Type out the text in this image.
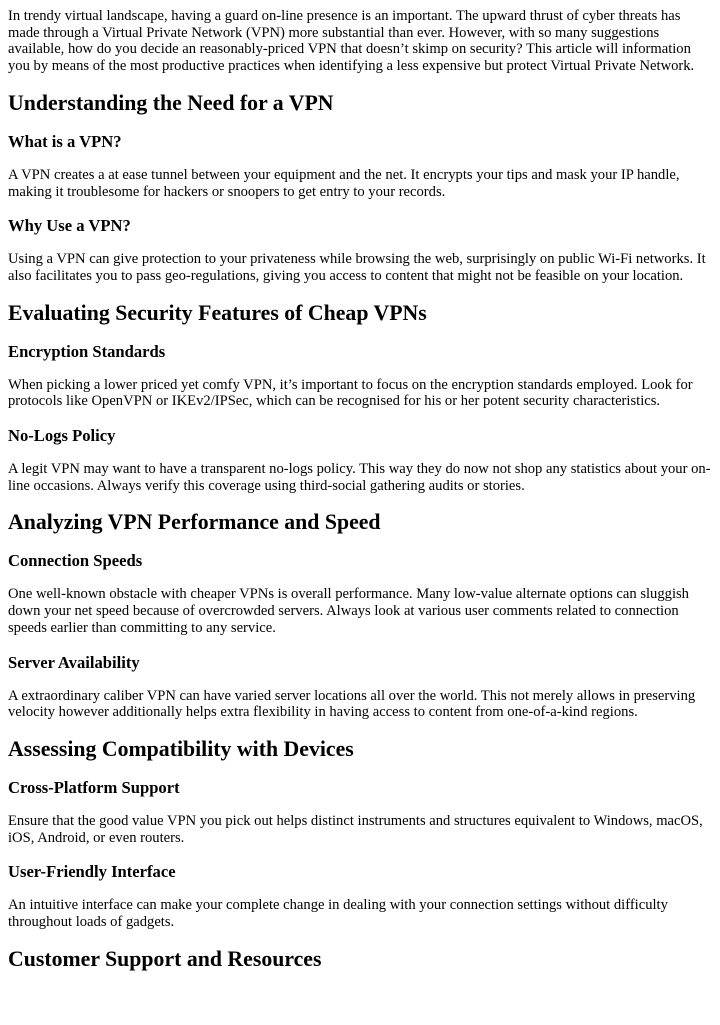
In trendy virtual landscape, having a guard on-line presence is an important. The upward thrust of cyber threats has made through a Virtual Private Network (VPN) more substantial than ever. However, with so many suggestions available, how do you decide an reasonably-priced VPN that doesn’t skimp on security? This article will information you by means of the most productive practices when identifying a less expensive but protect Virtual Private Network.

Understanding the Need for a VPN
What is a VPN?

A VPN creates a at ease tunnel between your equipment and the net. It encrypts your tips and mask your IP handle, making it troublesome for hackers or snoopers to get entry to your records.

Why Use a VPN?

Using a VPN can give protection to your privateness while browsing the web, surprisingly on public Wi-Fi networks. It also facilitates you to pass geo-regulations, giving you access to content that might not be feasible on your location.

Evaluating Security Features of Cheap VPNs
Encryption Standards

When picking a lower priced yet comfy VPN, it’s important to focus on the encryption standards employed. Look for protocols like OpenVPN or IKEv2/IPSec, which can be recognised for his or her potent security characteristics.

No-Logs Policy

A legit VPN may want to have a transparent no-logs policy. This way they do now not shop any statistics about your on-line occasions. Always verify this coverage using third-social gathering audits or stories.

Analyzing VPN Performance and Speed
Connection Speeds

One well-known obstacle with cheaper VPNs is overall performance. Many low-value alternate options can sluggish down your net speed because of overcrowded servers. Always look at various user comments related to connection speeds earlier than committing to any service.

Server Availability

A extraordinary caliber VPN can have varied server locations all over the world. This not merely allows in preserving velocity however additionally helps extra flexibility in having access to content from one-of-a-kind regions.

Assessing Compatibility with Devices
Cross-Platform Support

Ensure that the good value VPN you pick out helps distinct instruments and structures equivalent to Windows, macOS, iOS, Android, or even routers.

User-Friendly Interface

An intuitive interface can make your complete change in dealing with your connection settings without difficulty throughout loads of gadgets.

Customer Support and Resources
